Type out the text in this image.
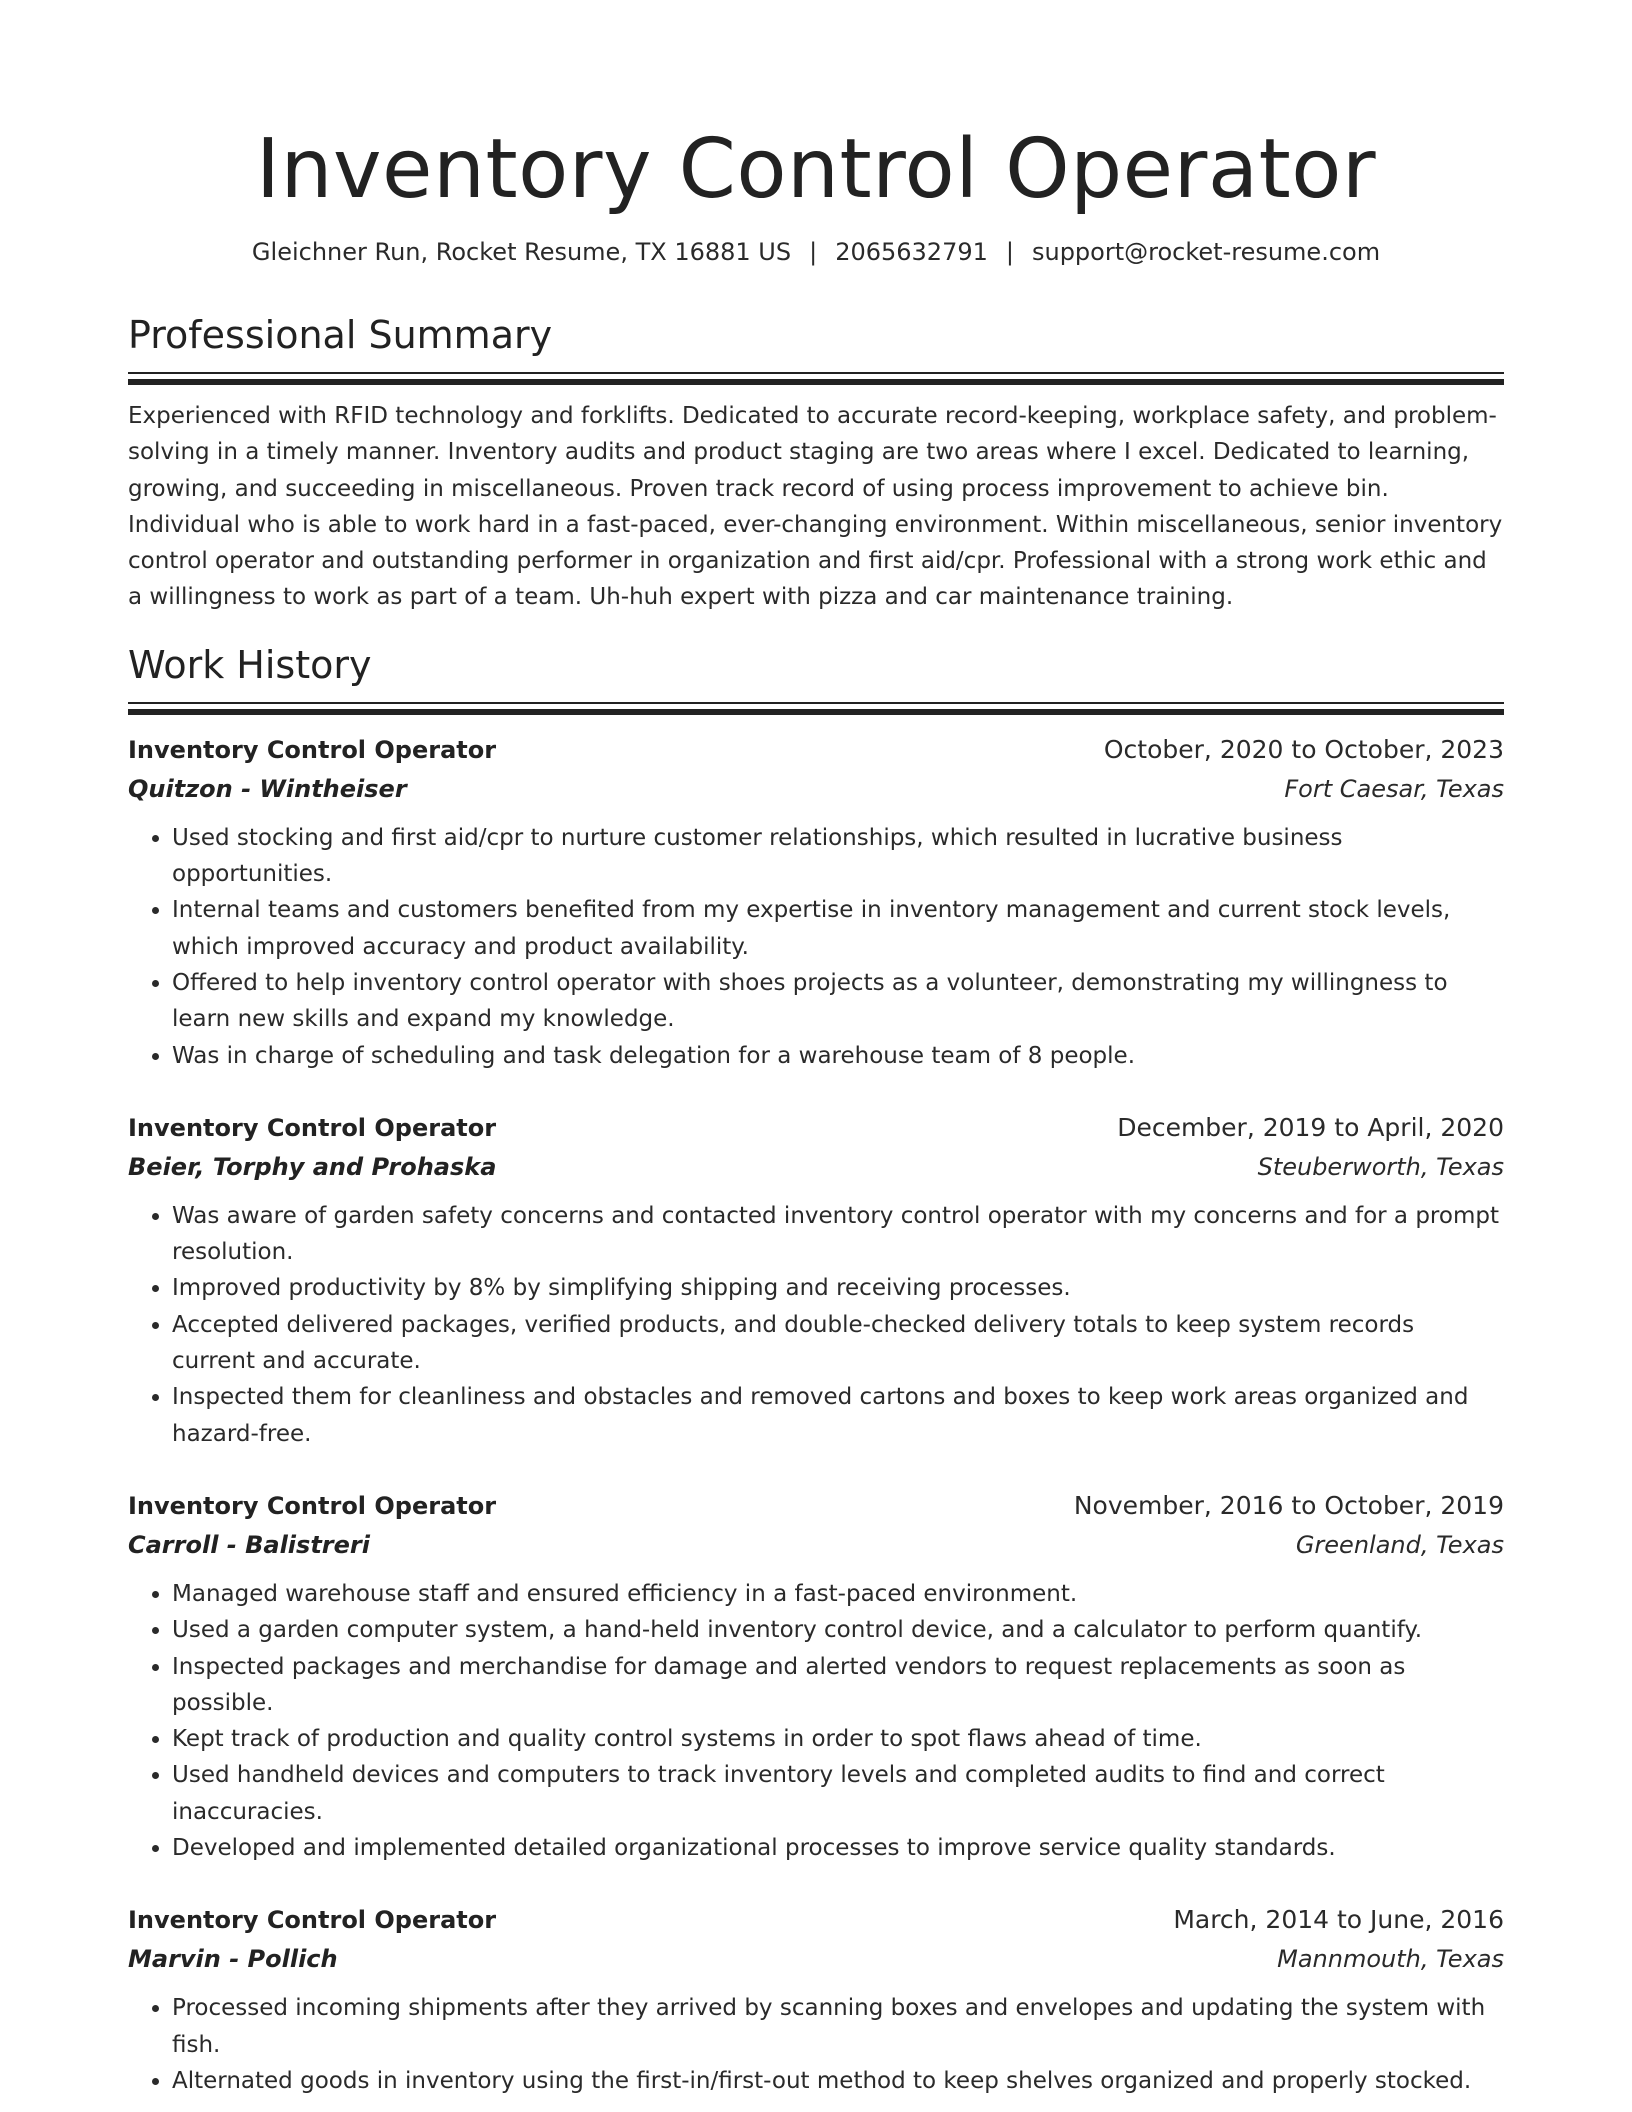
Inventory Control Operator
Gleichner Run, Rocket Resume, TX 16881 US | 2065632791 | support@rocket-resume.com
Professional Summary

Experienced with RFID technology and forklifts. Dedicated to accurate record-keeping, workplace safety, and problem-solving in a timely manner. Inventory audits and product staging are two areas where I excel. Dedicated to learning, growing, and succeeding in miscellaneous. Proven track record of using process improvement to achieve bin. Individual who is able to work hard in a fast-paced, ever-changing environment. Within miscellaneous, senior inventory control operator and outstanding performer in organization and first aid/cpr. Professional with a strong work ethic and a willingness to work as part of a team. Uh-huh expert with pizza and car maintenance training.

Work History
Inventory Control Operator	October, 2020 to October, 2023
Quitzon - Wintheiser	Fort Caesar, Texas
• Used stocking and first aid/cpr to nurture customer relationships, which resulted in lucrative business opportunities.
• Internal teams and customers benefited from my expertise in inventory management and current stock levels, which improved accuracy and product availability.
• Offered to help inventory control operator with shoes projects as a volunteer, demonstrating my willingness to learn new skills and expand my knowledge.
• Was in charge of scheduling and task delegation for a warehouse team of 8 people.
Inventory Control Operator	December, 2019 to April, 2020
Beier, Torphy and Prohaska	Steuberworth, Texas
• Was aware of garden safety concerns and contacted inventory control operator with my concerns and for a prompt resolution.
• Improved productivity by 8% by simplifying shipping and receiving processes.
• Accepted delivered packages, verified products, and double-checked delivery totals to keep system records current and accurate.
• Inspected them for cleanliness and obstacles and removed cartons and boxes to keep work areas organized and hazard-free.
Inventory Control Operator	November, 2016 to October, 2019
Carroll - Balistreri	Greenland, Texas
• Managed warehouse staff and ensured efficiency in a fast-paced environment.
• Used a garden computer system, a hand-held inventory control device, and a calculator to perform quantify.
• Inspected packages and merchandise for damage and alerted vendors to request replacements as soon as possible.
• Kept track of production and quality control systems in order to spot flaws ahead of time.
• Used handheld devices and computers to track inventory levels and completed audits to find and correct inaccuracies.
• Developed and implemented detailed organizational processes to improve service quality standards.
Inventory Control Operator	March, 2014 to June, 2016
Marvin - Pollich	Mannmouth, Texas
• Processed incoming shipments after they arrived by scanning boxes and envelopes and updating the system with fish.
• Alternated goods in inventory using the first-in/first-out method to keep shelves organized and properly stocked.
